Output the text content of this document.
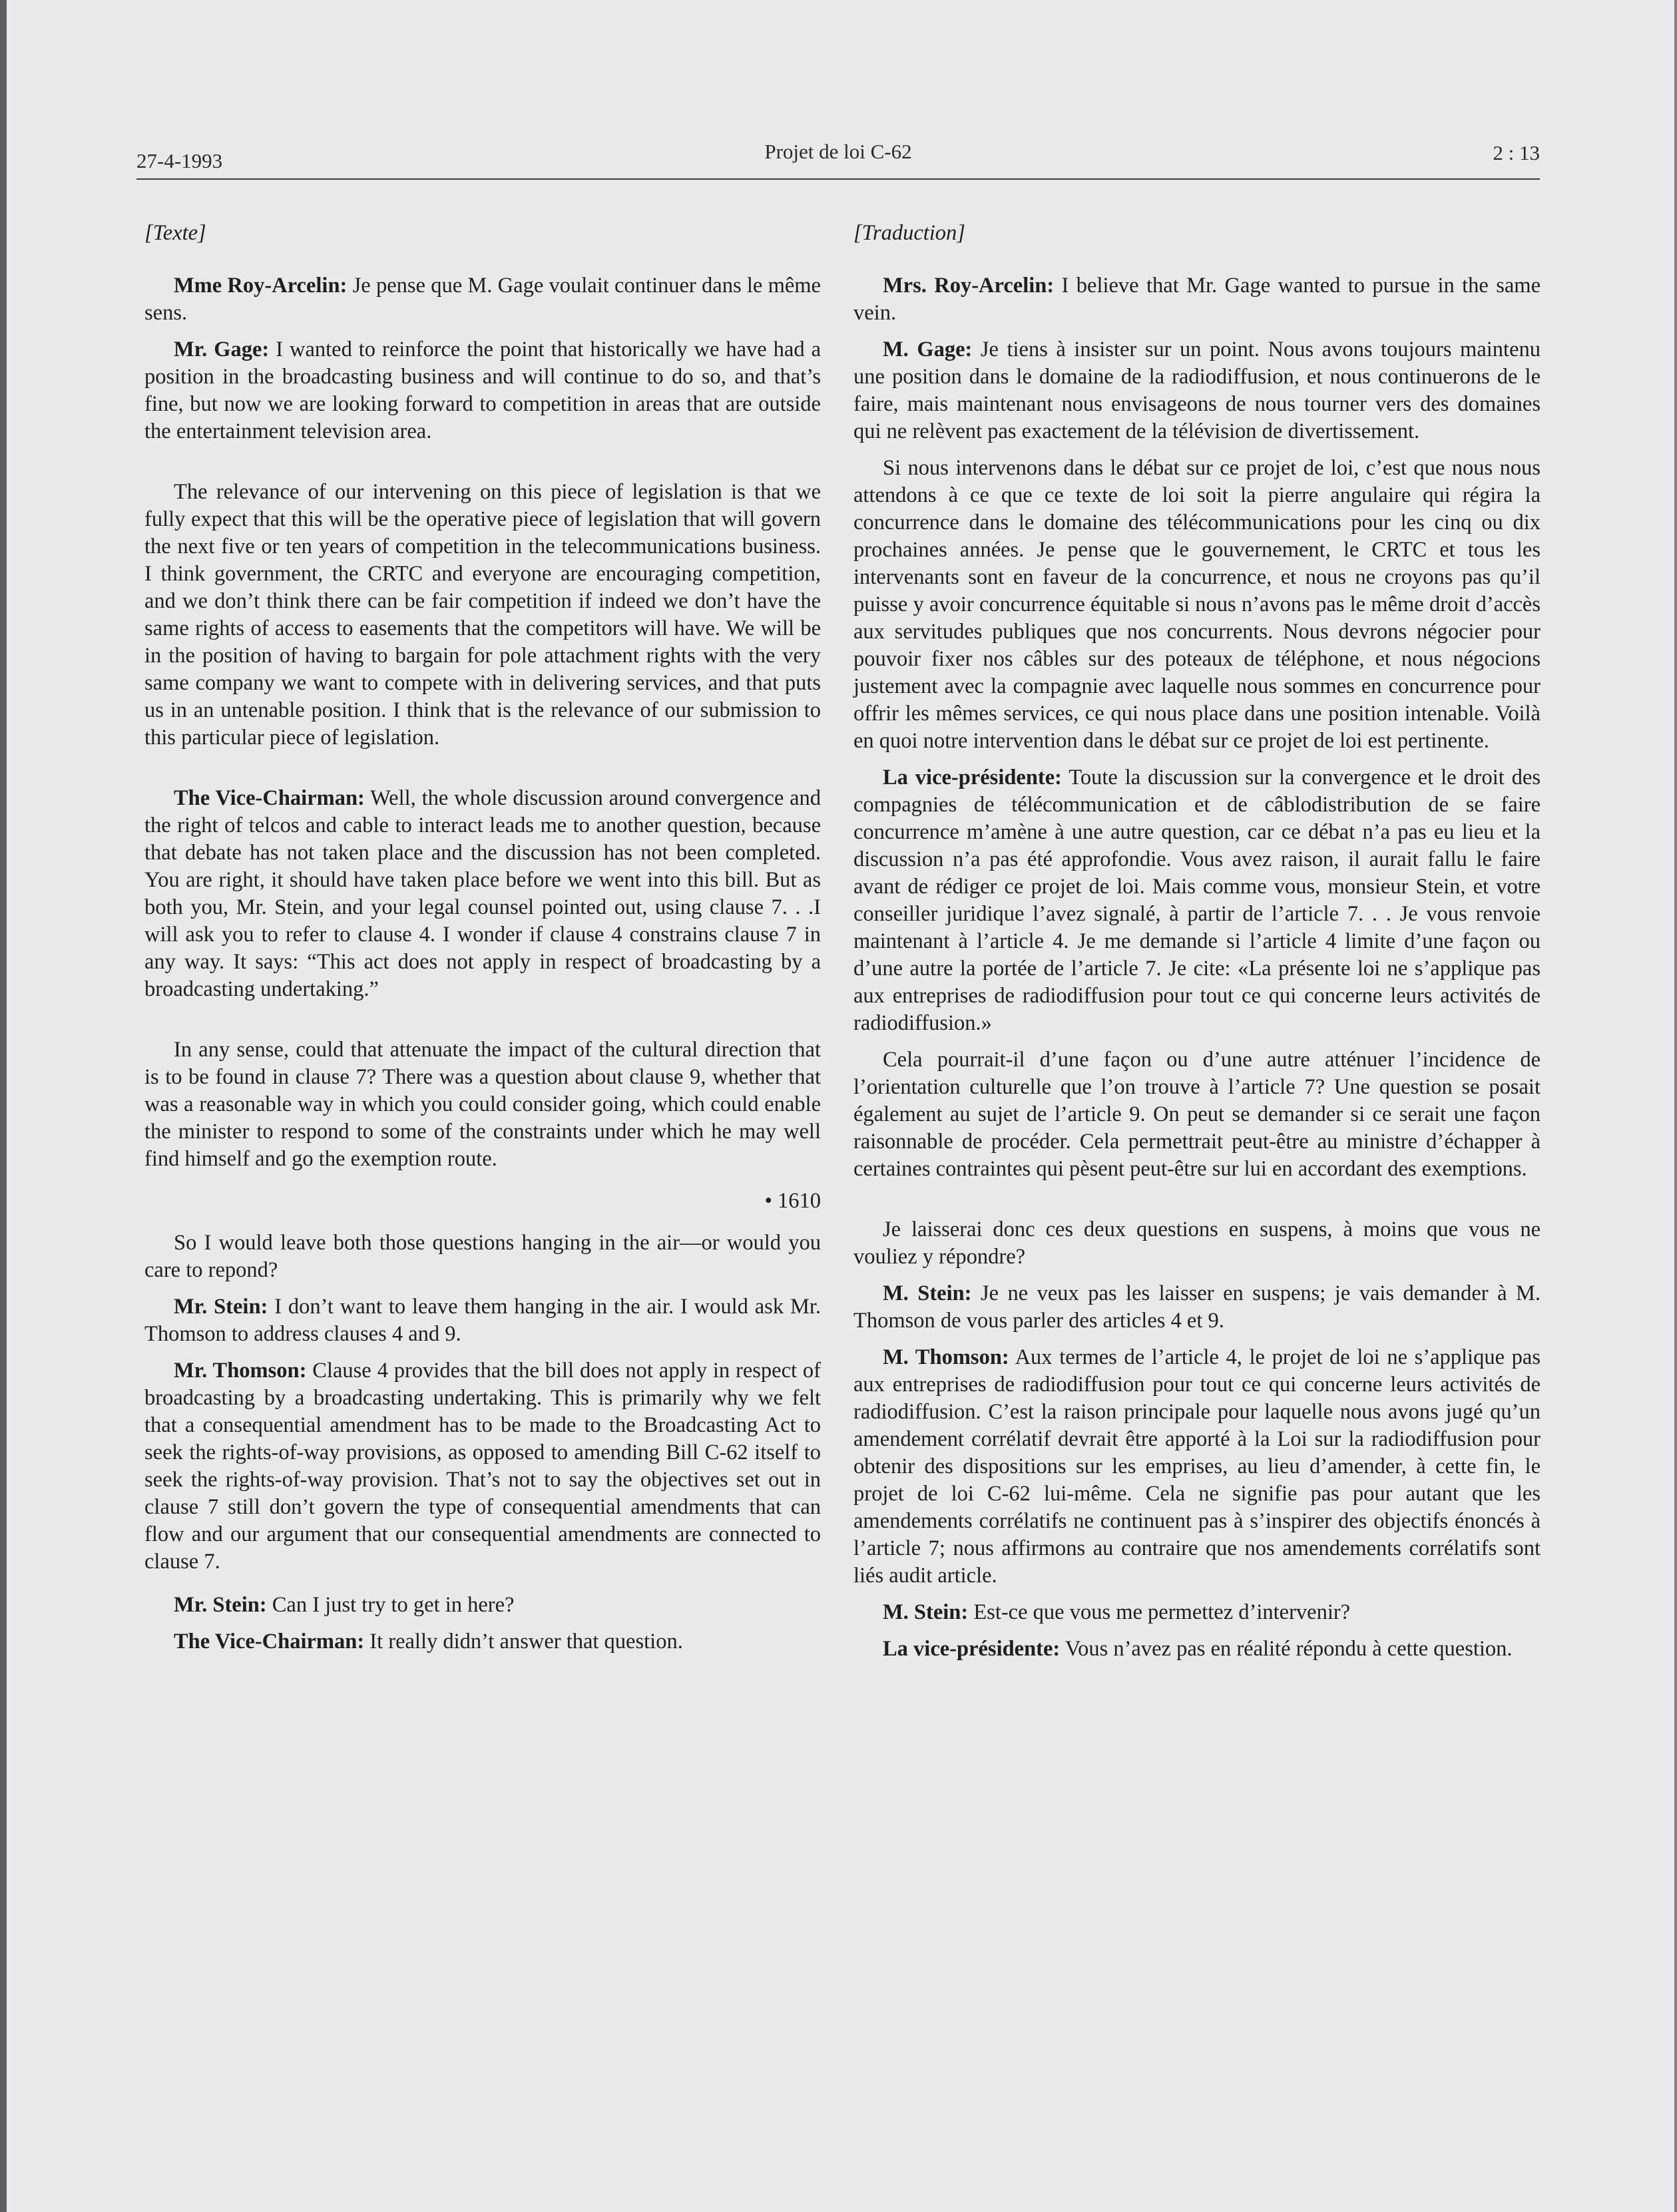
27-4-1993	Projet de loi C-62	2 : 13

[Texte]

Mme Roy-Arcelin: Je pense que M. Gage voulait continuer dans le même sens.

Mr. Gage: I wanted to reinforce the point that historically we have had a position in the broadcasting business and will continue to do so, and that’s fine, but now we are looking forward to competition in areas that are outside the entertainment television area.

The relevance of our intervening on this piece of legislation is that we fully expect that this will be the operative piece of legislation that will govern the next five or ten years of competition in the telecommunications business. I think government, the CRTC and everyone are encouraging competition, and we don’t think there can be fair competition if indeed we don’t have the same rights of access to easements that the competitors will have. We will be in the position of having to bargain for pole attachment rights with the very same company we want to compete with in delivering services, and that puts us in an untenable position. I think that is the relevance of our submission to this particular piece of legislation.

The Vice-Chairman: Well, the whole discussion around convergence and the right of telcos and cable to interact leads me to another question, because that debate has not taken place and the discussion has not been completed. You are right, it should have taken place before we went into this bill. But as both you, Mr. Stein, and your legal counsel pointed out, using clause 7. . .I will ask you to refer to clause 4. I wonder if clause 4 constrains clause 7 in any way. It says: “This act does not apply in respect of broadcasting by a broadcasting undertaking.”

In any sense, could that attenuate the impact of the cultural direction that is to be found in clause 7? There was a question about clause 9, whether that was a reasonable way in which you could consider going, which could enable the minister to respond to some of the constraints under which he may well find himself and go the exemption route.

• 1610

So I would leave both those questions hanging in the air—or would you care to repond?

Mr. Stein: I don’t want to leave them hanging in the air. I would ask Mr. Thomson to address clauses 4 and 9.

Mr. Thomson: Clause 4 provides that the bill does not apply in respect of broadcasting by a broadcasting undertaking. This is primarily why we felt that a consequential amendment has to be made to the Broadcasting Act to seek the rights-of-way provisions, as opposed to amending Bill C-62 itself to seek the rights-of-way provision. That’s not to say the objectives set out in clause 7 still don’t govern the type of consequential amendments that can flow and our argument that our consequential amendments are connected to clause 7.

Mr. Stein: Can I just try to get in here?

The Vice-Chairman: It really didn’t answer that question.

[Traduction]

Mrs. Roy-Arcelin: I believe that Mr. Gage wanted to pursue in the same vein.

M. Gage: Je tiens à insister sur un point. Nous avons toujours maintenu une position dans le domaine de la radiodiffusion, et nous continuerons de le faire, mais maintenant nous envisageons de nous tourner vers des domaines qui ne relèvent pas exactement de la télévision de divertissement.

Si nous intervenons dans le débat sur ce projet de loi, c’est que nous nous attendons à ce que ce texte de loi soit la pierre angulaire qui régira la concurrence dans le domaine des télécommunications pour les cinq ou dix prochaines années. Je pense que le gouvernement, le CRTC et tous les intervenants sont en faveur de la concurrence, et nous ne croyons pas qu’il puisse y avoir concurrence équitable si nous n’avons pas le même droit d’accès aux servitudes publiques que nos concurrents. Nous devrons négocier pour pouvoir fixer nos câbles sur des poteaux de téléphone, et nous négocions justement avec la compagnie avec laquelle nous sommes en concurrence pour offrir les mêmes services, ce qui nous place dans une position intenable. Voilà en quoi notre intervention dans le débat sur ce projet de loi est pertinente.

La vice-présidente: Toute la discussion sur la convergence et le droit des compagnies de télécommunication et de câblodistribution de se faire concurrence m’amène à une autre question, car ce débat n’a pas eu lieu et la discussion n’a pas été approfondie. Vous avez raison, il aurait fallu le faire avant de rédiger ce projet de loi. Mais comme vous, monsieur Stein, et votre conseiller juridique l’avez signalé, à partir de l’article 7. . . Je vous renvoie maintenant à l’article 4. Je me demande si l’article 4 limite d’une façon ou d’une autre la portée de l’article 7. Je cite: «La présente loi ne s’applique pas aux entreprises de radiodiffusion pour tout ce qui concerne leurs activités de radiodiffusion.»

Cela pourrait-il d’une façon ou d’une autre atténuer l’incidence de l’orientation culturelle que l’on trouve à l’article 7? Une question se posait également au sujet de l’article 9. On peut se demander si ce serait une façon raisonnable de procéder. Cela permettrait peut-être au ministre d’échapper à certaines contraintes qui pèsent peut-être sur lui en accordant des exemptions.

Je laisserai donc ces deux questions en suspens, à moins que vous ne vouliez y répondre?

M. Stein: Je ne veux pas les laisser en suspens; je vais demander à M. Thomson de vous parler des articles 4 et 9.

M. Thomson: Aux termes de l’article 4, le projet de loi ne s’applique pas aux entreprises de radiodiffusion pour tout ce qui concerne leurs activités de radiodiffusion. C’est la raison principale pour laquelle nous avons jugé qu’un amendement corrélatif devrait être apporté à la Loi sur la radiodiffusion pour obtenir des dispositions sur les emprises, au lieu d’amender, à cette fin, le projet de loi C-62 lui-même. Cela ne signifie pas pour autant que les amendements corrélatifs ne continuent pas à s’inspirer des objectifs énoncés à l’article 7; nous affirmons au contraire que nos amendements corrélatifs sont liés audit article.

M. Stein: Est-ce que vous me permettez d’intervenir?

La vice-présidente: Vous n’avez pas en réalité répondu à cette question.
